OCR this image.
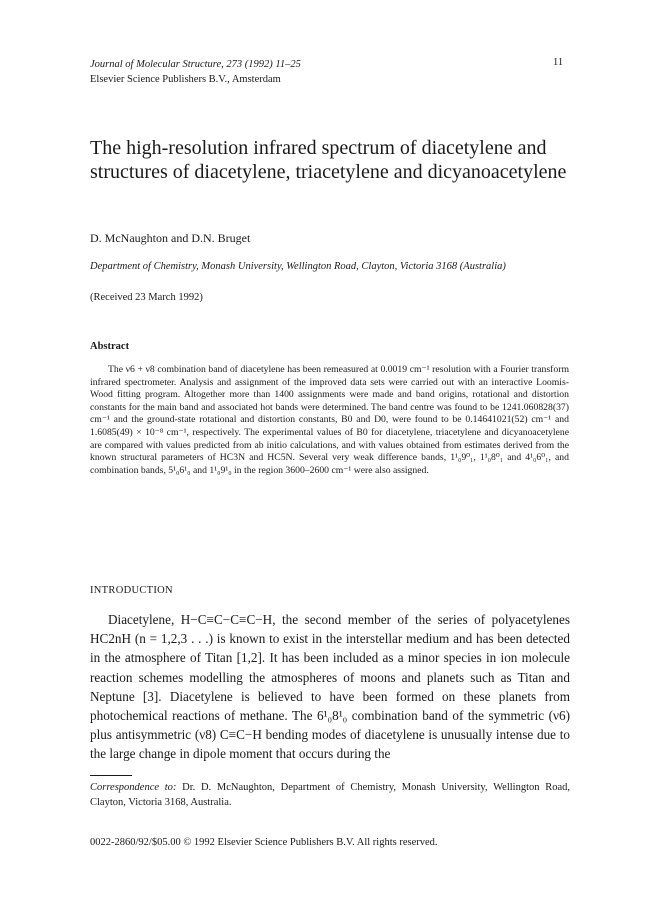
Journal of Molecular Structure, 273 (1992) 11–25
Elsevier Science Publishers B.V., Amsterdam
11
The high-resolution infrared spectrum of diacetylene and structures of diacetylene, triacetylene and dicyanoacetylene
D. McNaughton and D.N. Bruget
Department of Chemistry, Monash University, Wellington Road, Clayton, Victoria 3168 (Australia)
(Received 23 March 1992)
Abstract

The ν6 + ν8 combination band of diacetylene has been remeasured at 0.0019 cm⁻¹ resolution with a Fourier transform infrared spectrometer. Analysis and assignment of the improved data sets were carried out with an interactive Loomis-Wood fitting program. Altogether more than 1400 assignments were made and band origins, rotational and distortion constants for the main band and associated hot bands were determined. The band centre was found to be 1241.060828(37) cm⁻¹ and the ground-state rotational and distortion constants, B0 and D0, were found to be 0.14641021(52) cm⁻¹ and 1.6085(49) × 10⁻⁸ cm⁻¹, respectively. The experimental values of B0 for diacetylene, triacetylene and dicyanoacetylene are compared with values predicted from ab initio calculations, and with values obtained from estimates derived from the known structural parameters of HC3N and HC5N. Several very weak difference bands, 1¹₀9⁰₁, 1¹₀8⁰₁ and 4¹₀6⁰₁, and combination bands, 5¹₀6¹₀ and 1¹₀9¹₀ in the region 3600–2600 cm⁻¹ were also assigned.

INTRODUCTION

Diacetylene, H−C≡C−C≡C−H, the second member of the series of polyacetylenes HC2nH (n = 1,2,3 . . .) is known to exist in the interstellar medium and has been detected in the atmosphere of Titan [1,2]. It has been included as a minor species in ion molecule reaction schemes modelling the atmospheres of moons and planets such as Titan and Neptune [3]. Diacetylene is believed to have been formed on these planets from photochemical reactions of methane. The 6¹₀8¹₀ combination band of the symmetric (ν6) plus antisymmetric (ν8) C≡C−H bending modes of diacetylene is unusually intense due to the large change in dipole moment that occurs during the

Correspondence to: Dr. D. McNaughton, Department of Chemistry, Monash University, Wellington Road, Clayton, Victoria 3168, Australia.
0022-2860/92/$05.00 © 1992 Elsevier Science Publishers B.V. All rights reserved.
